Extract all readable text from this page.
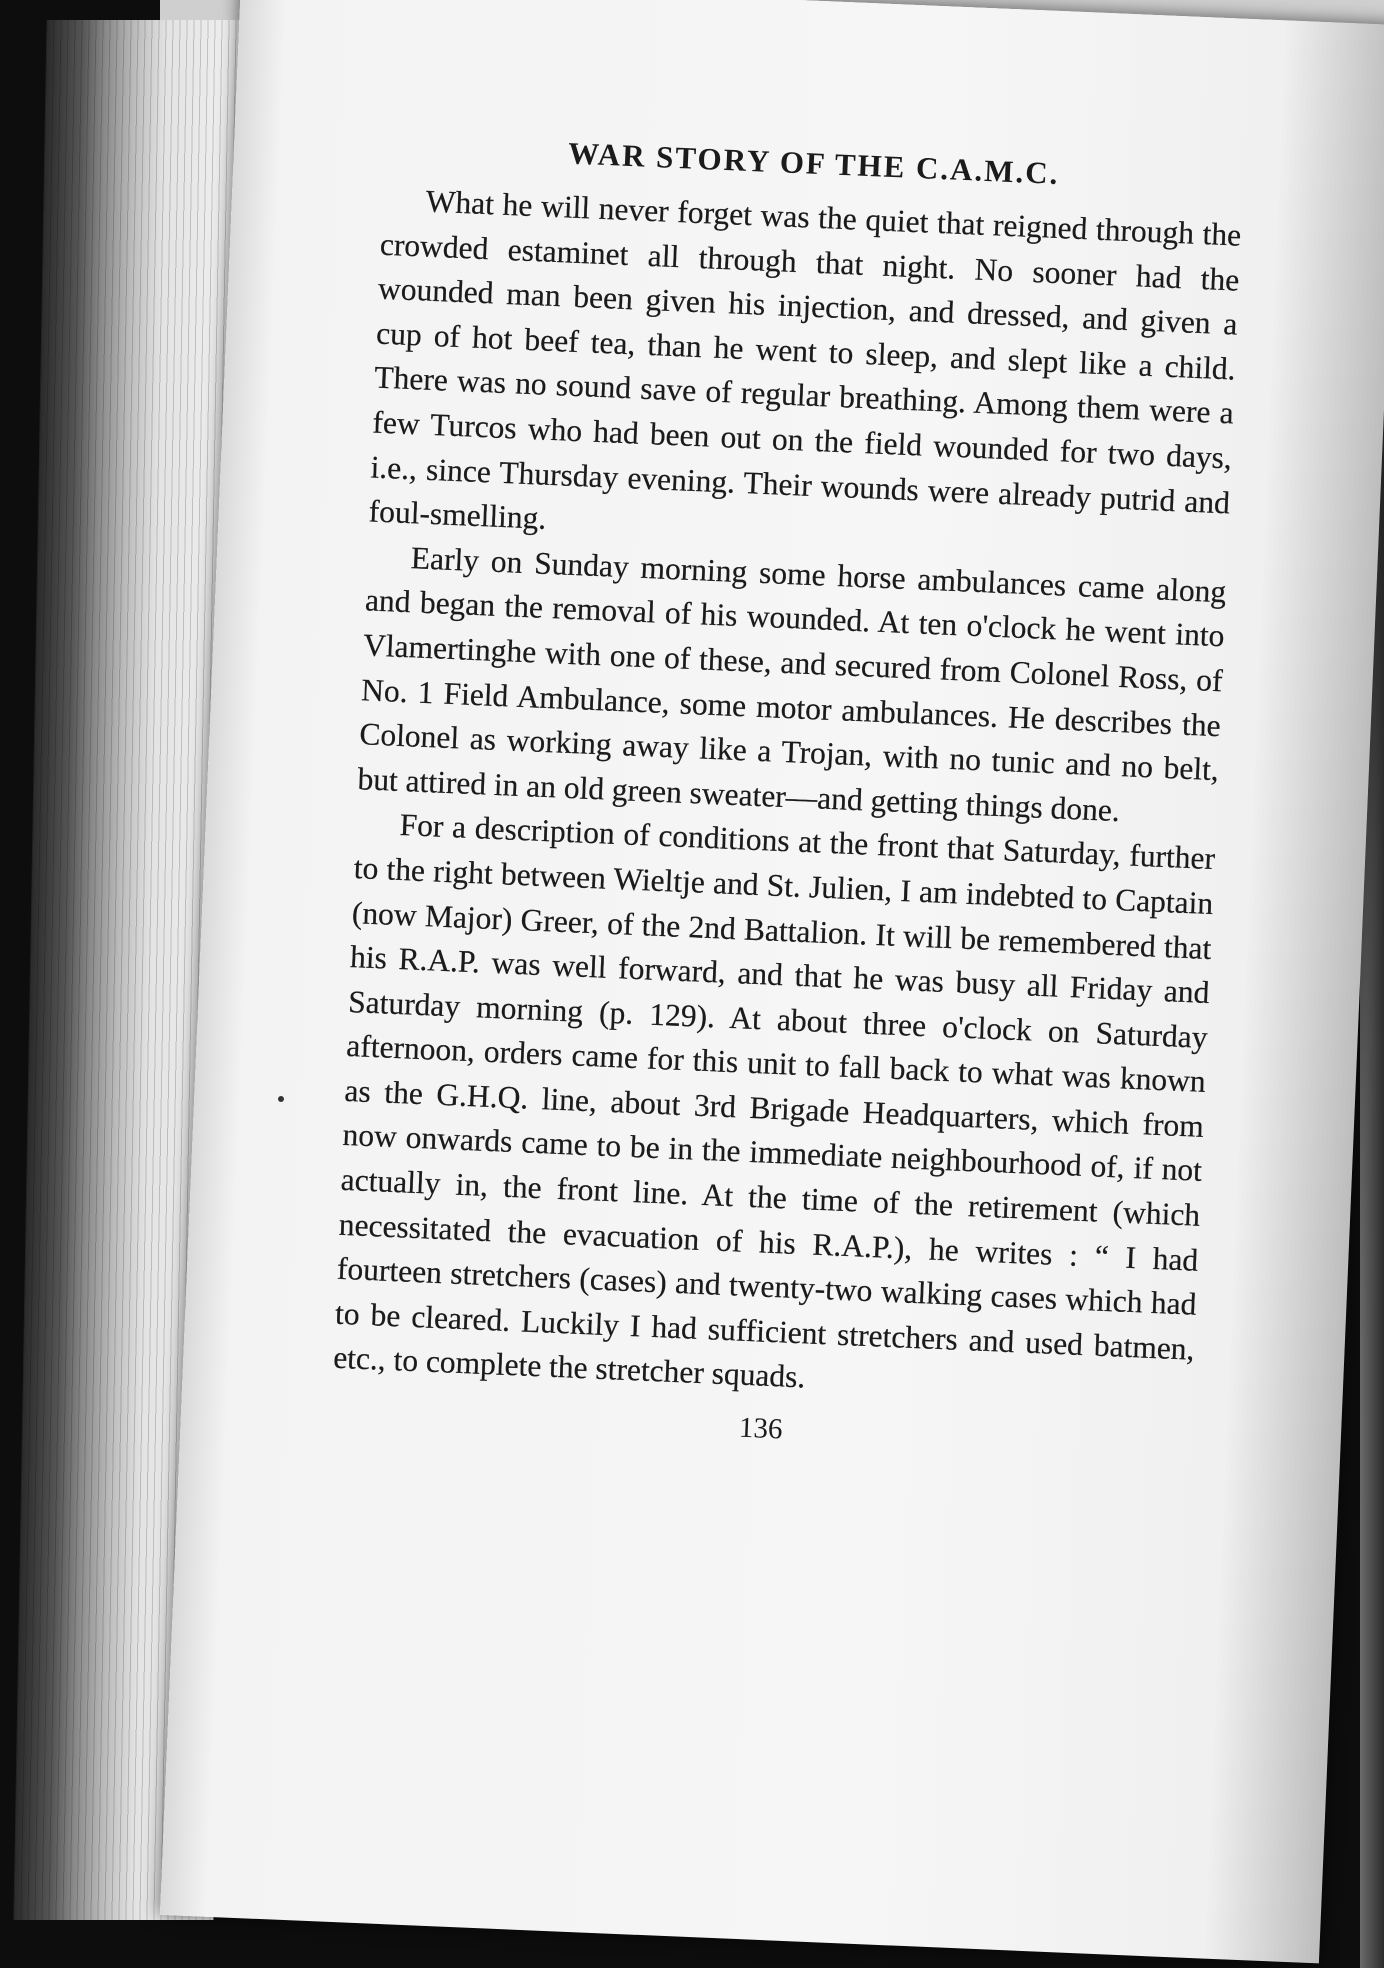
WAR STORY OF THE C.A.M.C.

What he will never forget was the quiet that reigned through the crowded estaminet all through that night. No sooner had the wounded man been given his injection, and dressed, and given a cup of hot beef tea, than he went to sleep, and slept like a child. There was no sound save of regular breathing. Among them were a few Turcos who had been out on the field wounded for two days, i.e., since Thursday evening. Their wounds were already putrid and foul-smelling.

Early on Sunday morning some horse ambulances came along and began the removal of his wounded. At ten o'clock he went into Vlamertinghe with one of these, and secured from Colonel Ross, of No. 1 Field Ambulance, some motor ambulances. He describes the Colonel as working away like a Trojan, with no tunic and no belt, but attired in an old green sweater—and getting things done.

For a description of conditions at the front that Saturday, further to the right between Wieltje and St. Julien, I am indebted to Captain (now Major) Greer, of the 2nd Battalion. It will be remembered that his R.A.P. was well forward, and that he was busy all Friday and Saturday morning (p. 129). At about three o'clock on Saturday afternoon, orders came for this unit to fall back to what was known as the G.H.Q. line, about 3rd Brigade Headquarters, which from now onwards came to be in the immediate neighbourhood of, if not actually in, the front line. At the time of the retirement (which necessitated the evacuation of his R.A.P.), he writes : “ I had fourteen stretchers (cases) and twenty-two walking cases which had to be cleared. Luckily I had sufficient stretchers and used batmen, etc., to complete the stretcher squads.

136
